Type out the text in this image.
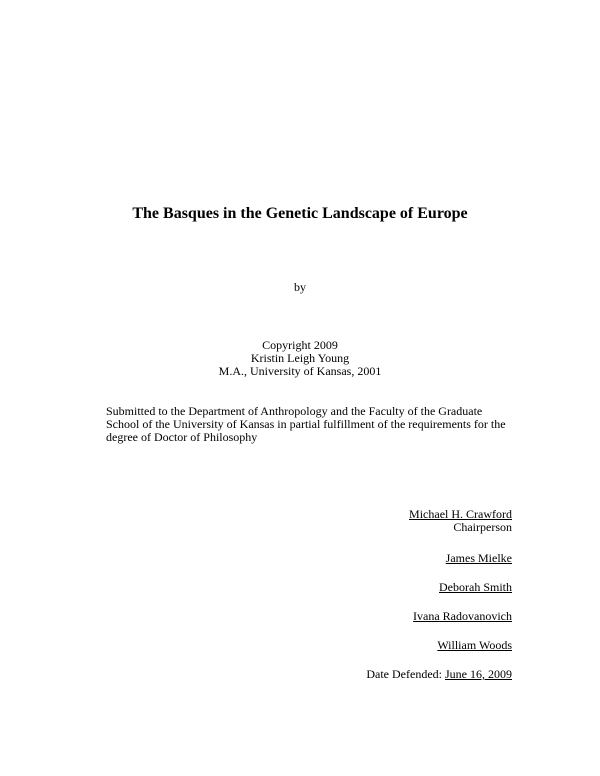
The Basques in the Genetic Landscape of Europe
by
Copyright 2009
Kristin Leigh Young
M.A., University of Kansas, 2001
Submitted to the Department of Anthropology and the Faculty of the Graduate
School of the University of Kansas in partial fulfillment of the requirements for the
degree of Doctor of Philosophy
Michael H. Crawford
Chairperson
James Mielke
Deborah Smith
Ivana Radovanovich
William Woods
Date Defended: June 16, 2009
